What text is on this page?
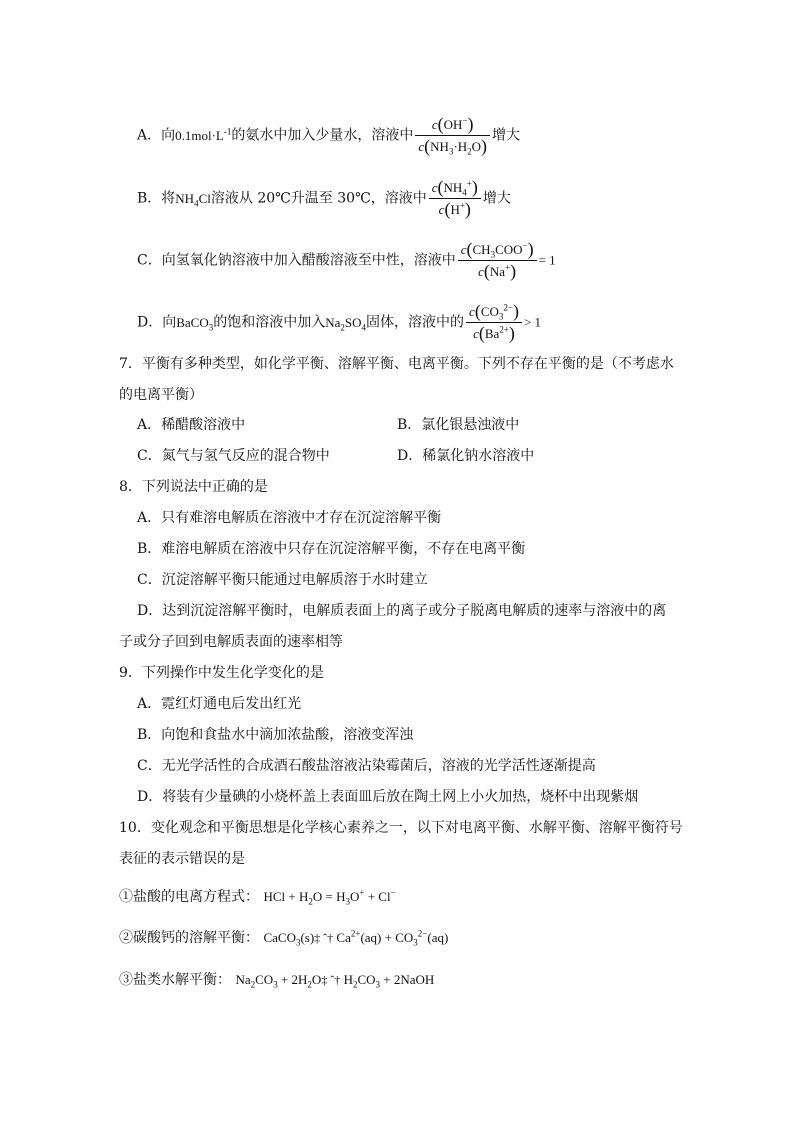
A．向$0.1mol\cdot L^{-1}$的氨水中加入少量水，溶液中 $\frac{c(OH^-)}{c(NH_3\cdot H_2O)}$ 增大
B．将$NH_4Cl$溶液从 20℃升温至 30℃，溶液中 $\frac{c(NH_4^+)}{c(H^+)}$ 增大
C．向氢氧化钠溶液中加入醋酸溶液至中性，溶液中 $\frac{c(CH_3COO^-)}{c(Na^+)} = 1$
D．向BaCO$_3$的饱和溶液中加入$Na_2SO_4$固体，溶液中的 $\frac{c(CO_3^{2-})}{c(Ba^{2+})} > 1$
7．平衡有多种类型，如化学平衡、溶解平衡、电离平衡。下列不存在平衡的是（不考虑水
的电离平衡）
A．稀醋酸溶液中	B．氯化银悬浊液中
C．氮气与氢气反应的混合物中	D．稀氯化钠水溶液中
8．下列说法中正确的是
A．只有难溶电解质在溶液中才存在沉淀溶解平衡
B．难溶电解质在溶液中只存在沉淀溶解平衡，不存在电离平衡
C．沉淀溶解平衡只能通过电解质溶于水时建立
D．达到沉淀溶解平衡时，电解质表面上的离子或分子脱离电解质的速率与溶液中的离
子或分子回到电解质表面的速率相等
9．下列操作中发生化学变化的是
A．霓红灯通电后发出红光
B．向饱和食盐水中滴加浓盐酸，溶液变浑浊
C．无光学活性的合成酒石酸盐溶液沾染霉菌后，溶液的光学活性逐渐提高
D．将装有少量碘的小烧杯盖上表面皿后放在陶土网上小火加热，烧杯中出现紫烟
10．变化观念和平衡思想是化学核心素养之一，以下对电离平衡、水解平衡、溶解平衡符号
表征的表示错误的是
①盐酸的电离方程式： HCl + $H_2O = H_3O^+ + Cl^-$
②碳酸钙的溶解平衡： CaCO$_3$(s)‡ ˆ† $Ca^{2+}(aq) + CO_3^{2-}(aq)$
③盐类水解平衡： $Na_2CO_3$ + $2H_2O\ddagger$ ˆ† $H_2CO_3$ + 2NaOH
